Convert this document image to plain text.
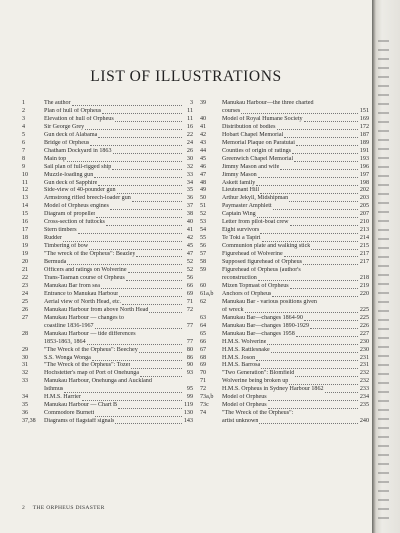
LIST OF ILLUSTRATIONS
1	The author	3
2	Plan of hull of Orpheus	11
3	Elevation of hull of Orpheus	11
4	Sir George Grey	16
5	Gun deck of Alabama	22
6	Bridge of Orpheus	24
7	Chatham Dockyard in 1863	26
8	Main top	30
9	Sail plan of full-rigged ship	32
10	Muzzle-loading gun	33
11	Gun deck of Sapphire	34
12	Side-view of 40-pounder gun	35
13	Armstrong rifled breech-loader gun	36
14	Model of Orpheus engines	37
15	Diagram of propeller	38
16	Cross-section of futtocks	40
17	Stern timbers	41
18	Rudder	42
19	Timbering of bow	45
19	"The wreck of the Orpheus": Beazley	47
20	Bermuda	52
21	Officers and ratings on Wolverine	52
22	Trans-Tasman course of Orpheus	56
23	Manukau Bar from sea	66
24	Entrance to Manukau Harbour	69
25	Aerial view of North Head, etc.	71
26	Manukau Harbour from above North Head	72
27	Manukau Harbour — changes to
coastline 1836-1967	77
28	Manukau Harbour — tide differences
1853-1863, 1864	77
29	"The Wreck of the Orpheus": Beechey	80
30	S.S. Wonga Wonga	86
31	"The Wreck of the Orpheus": Tozer	90
32	Hochstetter's map of Port of Onehunga	93
33	Manukau Harbour, Onehunga and Auckland
Isthmus	95
34	H.M.S. Harrier	99
35	Manukau Harbour — Chart B	119
36	Commodore Burnett	130
37,38	Diagrams of flagstaff signals	143
39	Manukau Harbour—the three charted
courses	151
40	Model of Royal Humane Society	169
41	Distribution of bodies	172
42	Hobart Chapel Memorial	187
43	Memorial Plaque on Paratutai	189
44	Counties of origin of ratings	191
45	Greenwich Chapel Memorial	193
46	Jimmy Mason and wife	196
47	Jimmy Mason	197
48	Askett family	198
49	Lieutenant Hill	202
50	Arthur Jekyll, Midshipman	203
51	Paymaster Amphlett	205
52	Captain Wing	207
53	Letter from pilot-boat crew	210
54	Eight survivors	213
55	Te Toki a Tapiri	214
56	Communion plate and walking stick	215
57	Figurehead of Wolverine	217
58	Supposed figurehead of Orpheus	217
59	Figurehead of Orpheus (author's
reconstruction	218
60	Mizen Topmast of Orpheus	219
61a,b	Anchors of Orpheus	220
62	Manukau Bar - various positions given
of wreck	225
63	Manukau Bar—changes 1864-90	225
64	Manukau Bar—changes 1890-1929	226
65	Manukau Bar—changes 1958	227
66	H.M.S. Wolverine	230
67	H.M.S. Rattlesnake	230
68	H.M.S. Joson	231
69	H.M.S. Barrosa	231
70	"Two Generation": Blomfield	232
71	Wolverine being broken up	232
72	H.M.S. Orpheus in Sydney Harbour 1862	233
73a,b	Model of Orpheus	234
73c	Model of Orpheus	235
74	"The Wreck of the Orpheus":
artist unknown	240
2 THE ORPHEUS DISASTER
